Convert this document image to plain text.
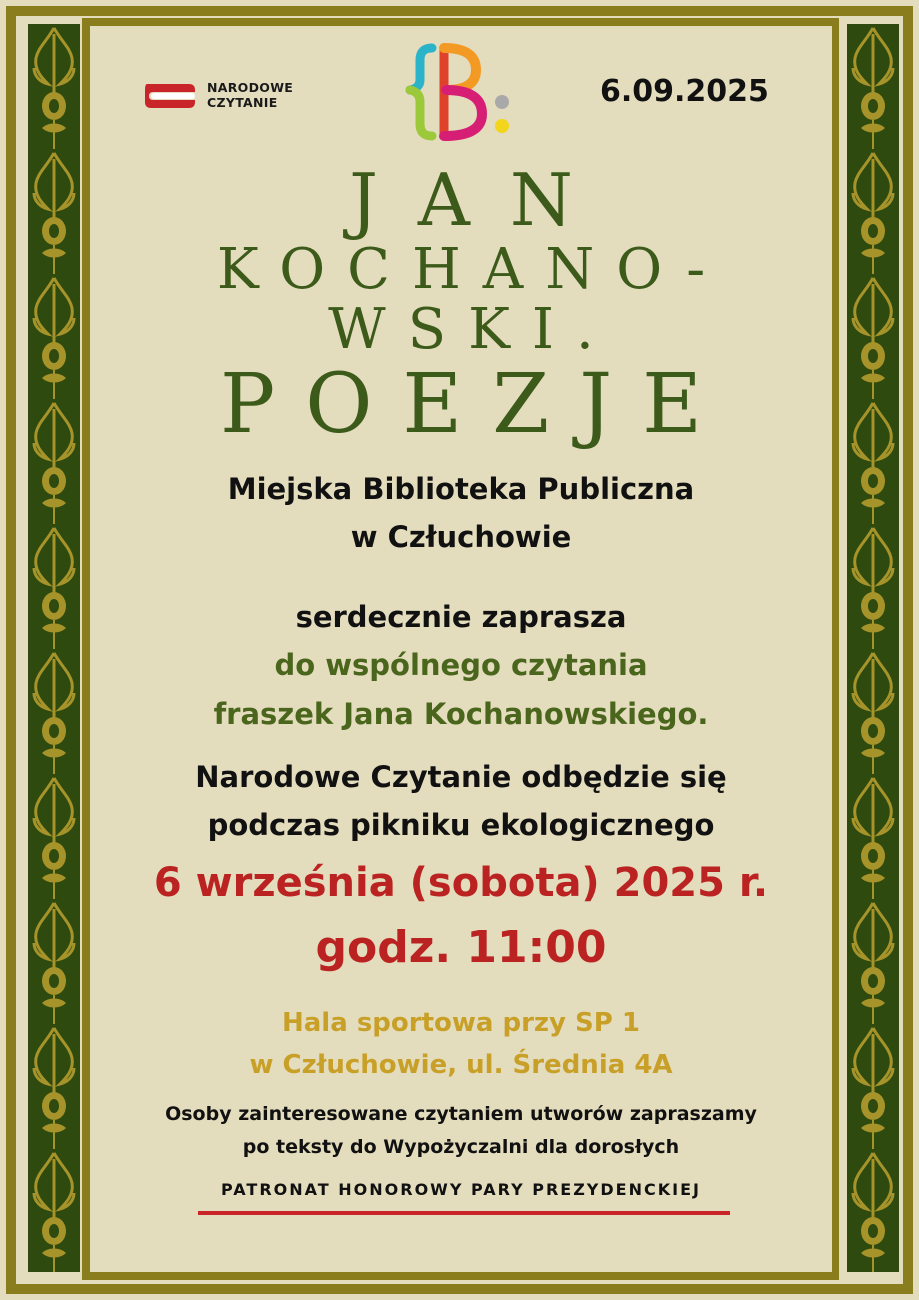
NARODOWE
CZYTANIE	6.09.2025
JAN
KOCHANO-
WSKI.
POEZJE
Miejska Biblioteka Publiczna
w Człuchowie
serdecznie zaprasza
do wspólnego czytania
fraszek Jana Kochanowskiego.
Narodowe Czytanie odbędzie się
podczas pikniku ekologicznego
6 września (sobota) 2025 r.
godz. 11:00
Hala sportowa przy SP 1
w Człuchowie, ul. Średnia 4A
Osoby zainteresowane czytaniem utworów zapraszamy
po teksty do Wypożyczalni dla dorosłych
PATRONAT HONOROWY PARY PREZYDENCKIEJ
